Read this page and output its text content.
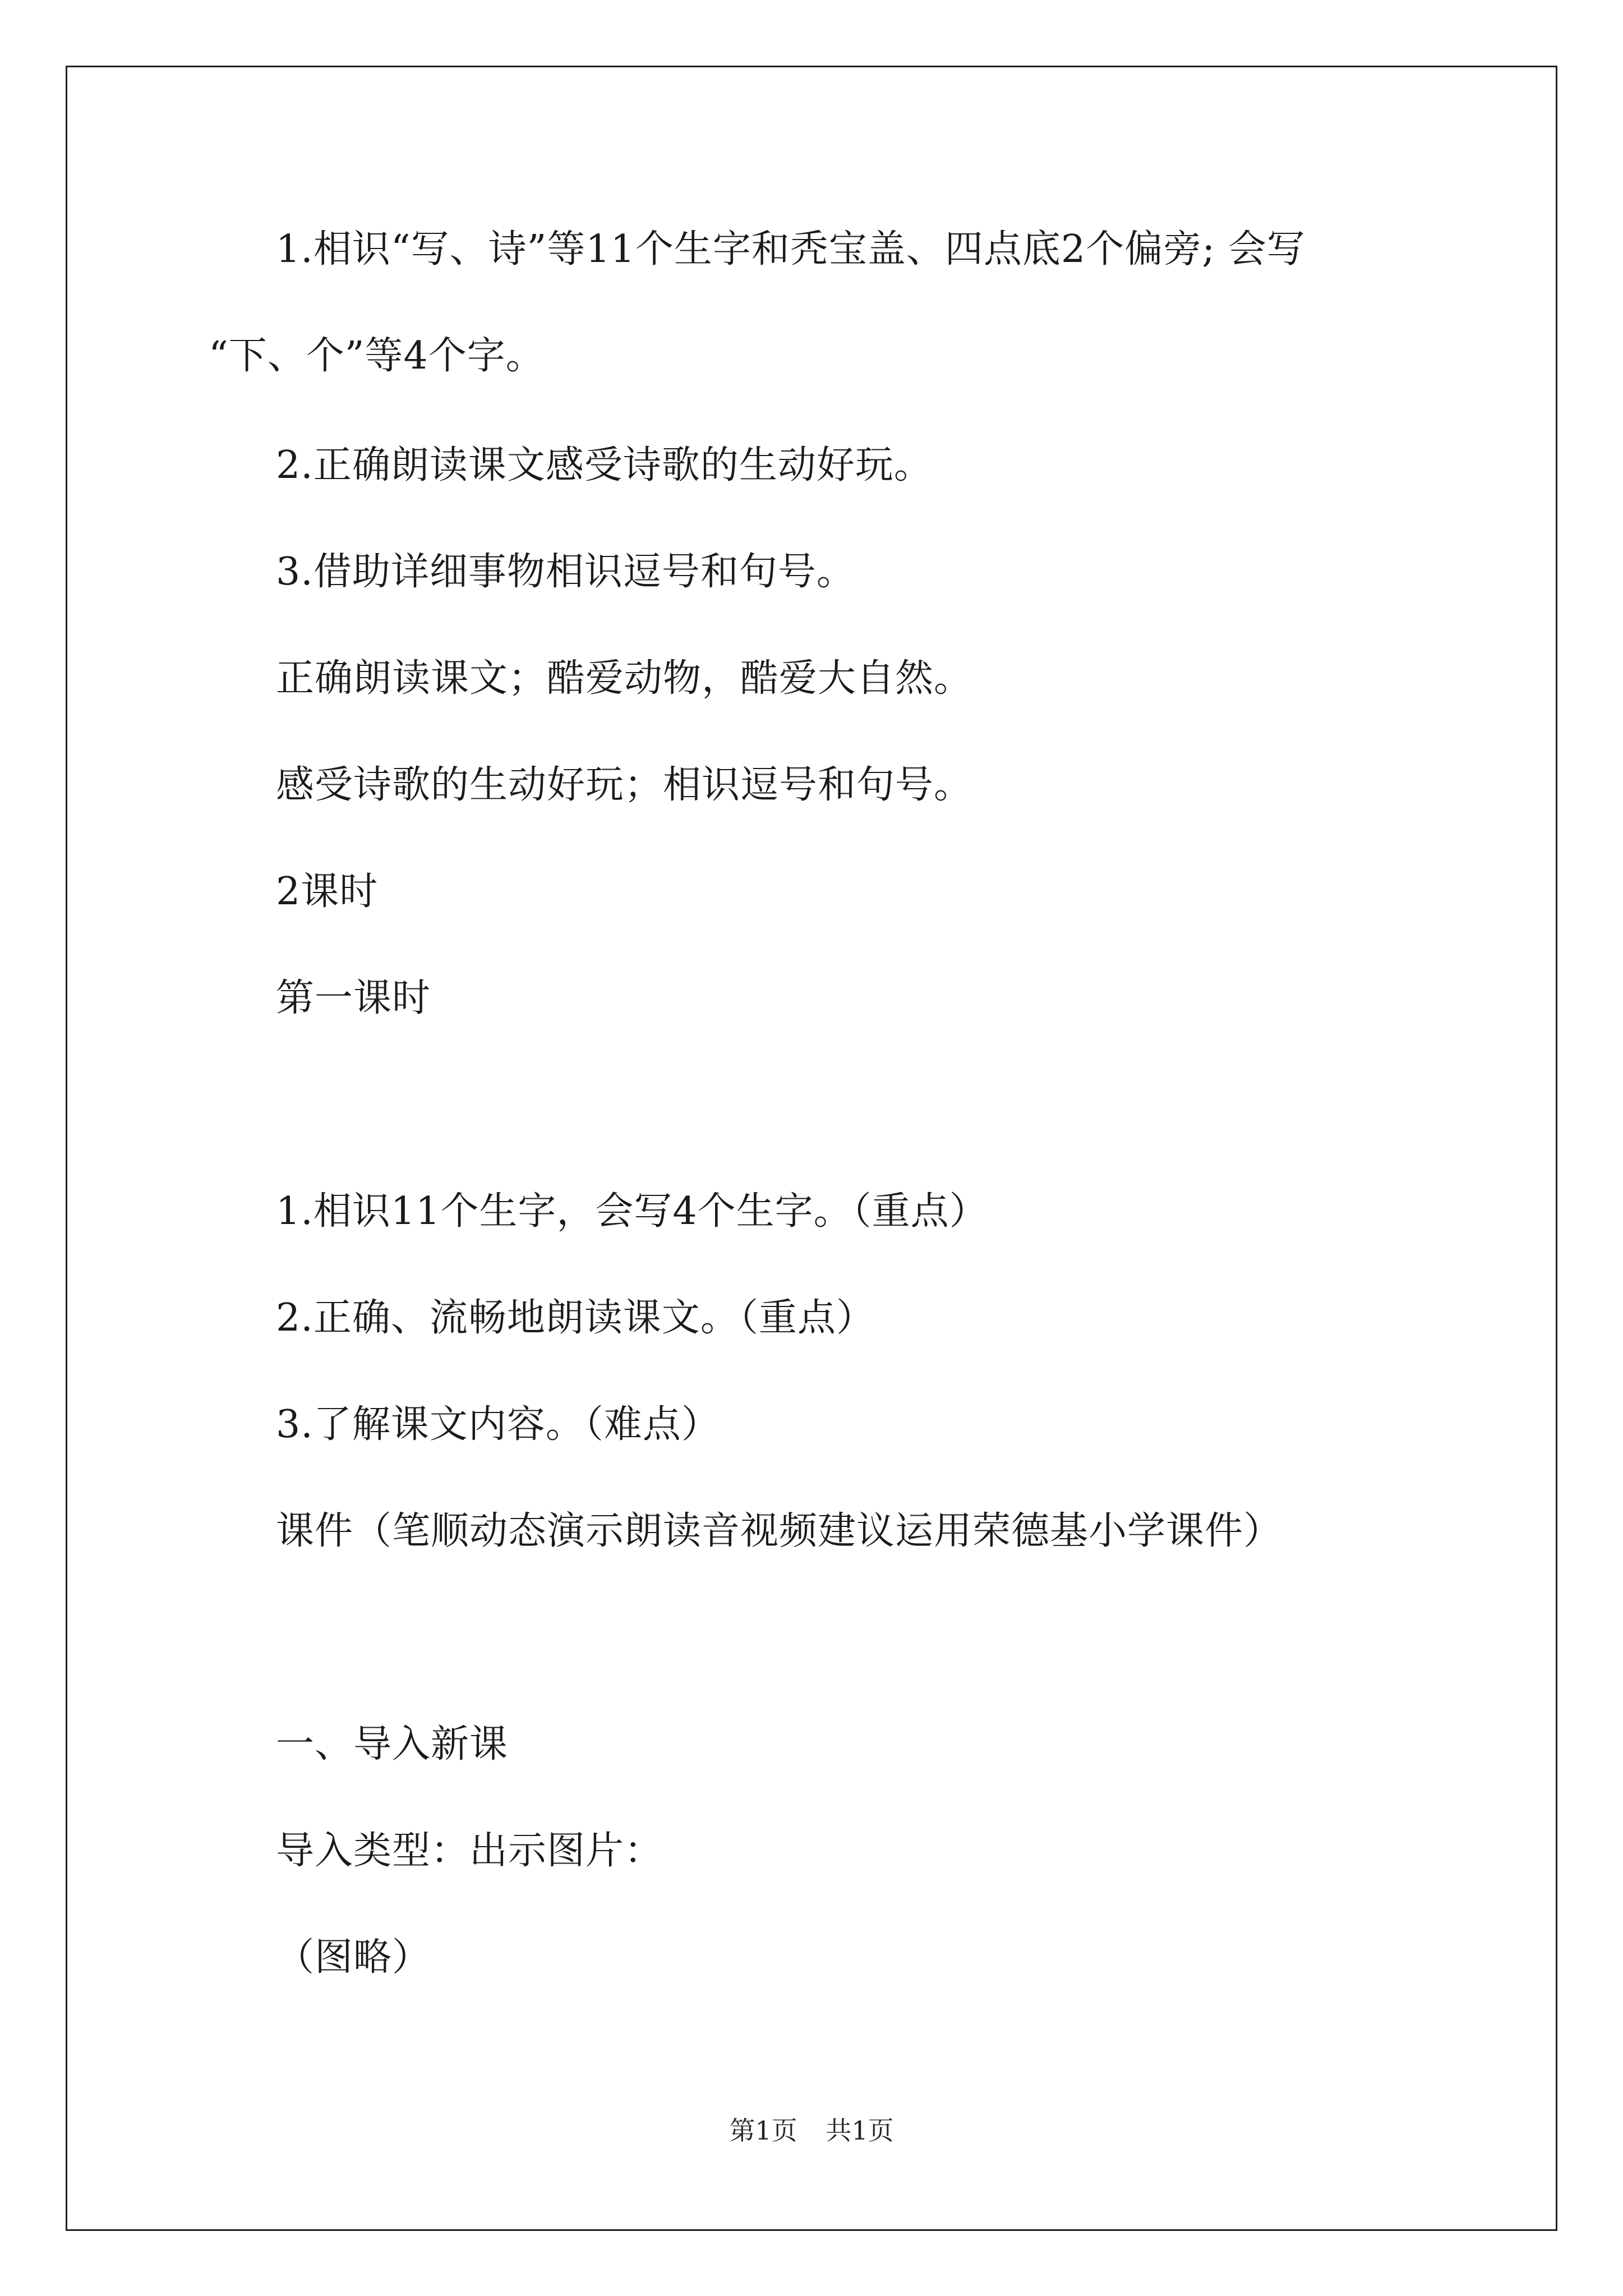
1.相识“写、诗”等11个生字和秃宝盖、四点底2个偏旁; 会写
“下、个”等4个字。
2.正确朗读课文感受诗歌的生动好玩。
3.借助详细事物相识逗号和句号。
正确朗读课文；酷爱动物，酷爱大自然。
感受诗歌的生动好玩；相识逗号和句号。
2课时
第一课时
1.相识11个生字，会写4个生字。（重点）
2.正确、流畅地朗读课文。（重点）
3.了解课文内容。（难点）
课件（笔顺动态演示朗读音视频建议运用荣德基小学课件）
一、导入新课
导入类型：出示图片：
（图略）
第1页 共1页
